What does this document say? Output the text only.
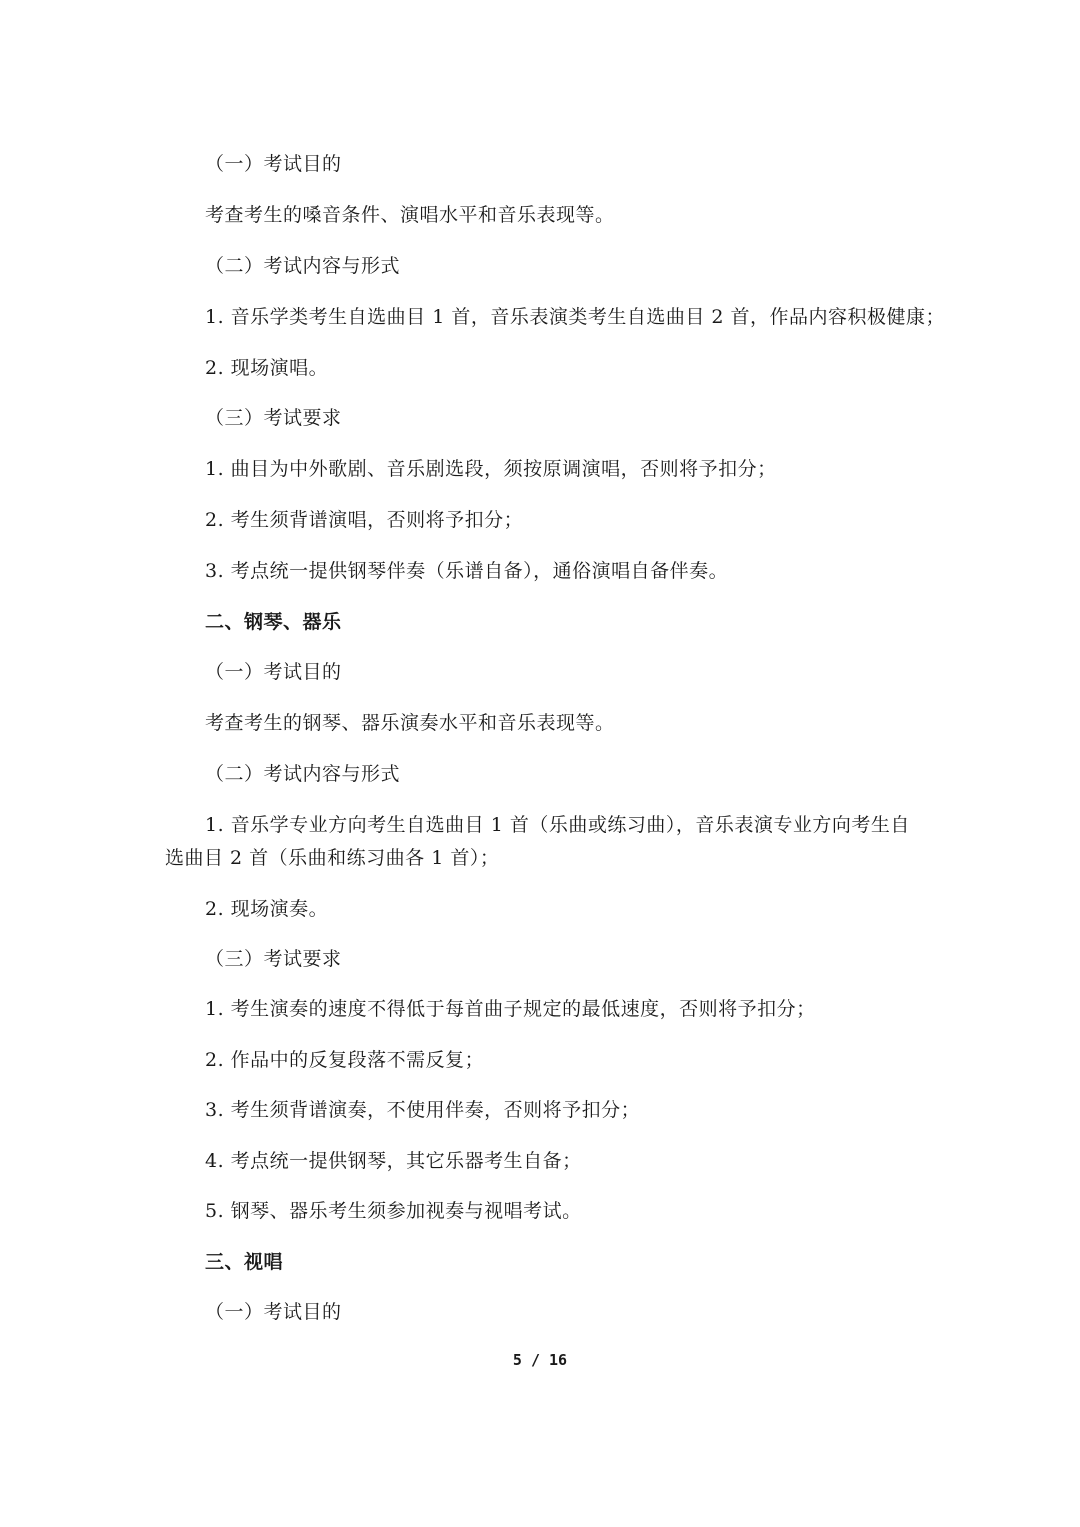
（一）考试目的
考查考生的嗓音条件、演唱水平和音乐表现等。
（二）考试内容与形式
1. 音乐学类考生自选曲目 1 首，音乐表演类考生自选曲目 2 首，作品内容积极健康；
2. 现场演唱。
（三）考试要求
1. 曲目为中外歌剧、音乐剧选段，须按原调演唱，否则将予扣分；
2. 考生须背谱演唱，否则将予扣分；
3. 考点统一提供钢琴伴奏（乐谱自备），通俗演唱自备伴奏。
二、钢琴、器乐
（一）考试目的
考查考生的钢琴、器乐演奏水平和音乐表现等。
（二）考试内容与形式
1. 音乐学专业方向考生自选曲目 1 首（乐曲或练习曲），音乐表演专业方向考生自
选曲目 2 首（乐曲和练习曲各 1 首）；
2. 现场演奏。
（三）考试要求
1. 考生演奏的速度不得低于每首曲子规定的最低速度，否则将予扣分；
2. 作品中的反复段落不需反复；
3. 考生须背谱演奏，不使用伴奏，否则将予扣分；
4. 考点统一提供钢琴，其它乐器考生自备；
5. 钢琴、器乐考生须参加视奏与视唱考试。
三、视唱
（一）考试目的
5 / 16
